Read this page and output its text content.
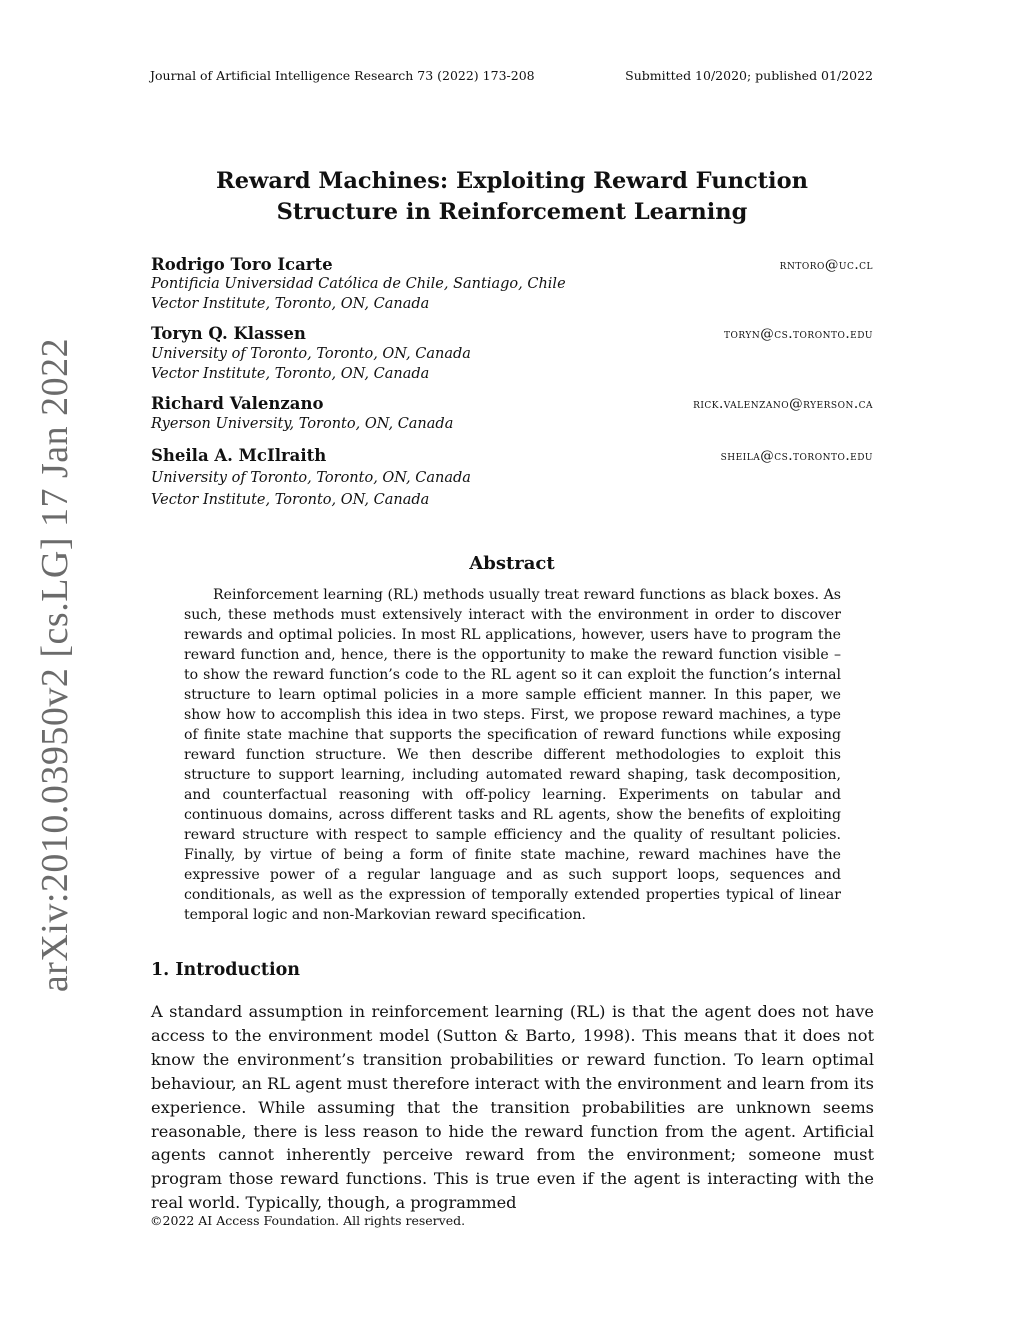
arXiv:2010.03950v2 [cs.LG] 17 Jan 2022
Journal of Artificial Intelligence Research 73 (2022) 173-208	Submitted 10/2020; published 01/2022
Reward Machines: Exploiting Reward Function
Structure in Reinforcement Learning
Rodrigo Toro Icarte	rntoro@uc.cl
Pontificia Universidad Católica de Chile, Santiago, Chile
Vector Institute, Toronto, ON, Canada
Toryn Q. Klassen	toryn@cs.toronto.edu
University of Toronto, Toronto, ON, Canada
Vector Institute, Toronto, ON, Canada
Richard Valenzano	rick.valenzano@ryerson.ca
Ryerson University, Toronto, ON, Canada
Sheila A. McIlraith	sheila@cs.toronto.edu
University of Toronto, Toronto, ON, Canada
Vector Institute, Toronto, ON, Canada
Abstract

Reinforcement learning (RL) methods usually treat reward functions as black boxes. As such, these methods must extensively interact with the environment in order to discover rewards and optimal policies. In most RL applications, however, users have to program the reward function and, hence, there is the opportunity to make the reward function visible – to show the reward function’s code to the RL agent so it can exploit the function’s internal structure to learn optimal policies in a more sample efficient manner. In this paper, we show how to accomplish this idea in two steps. First, we propose reward machines, a type of finite state machine that supports the specification of reward functions while exposing reward function structure. We then describe different methodologies to exploit this structure to support learning, including automated reward shaping, task decomposition, and counterfactual reasoning with off-policy learning. Experiments on tabular and continuous domains, across different tasks and RL agents, show the benefits of exploiting reward structure with respect to sample efficiency and the quality of resultant policies. Finally, by virtue of being a form of finite state machine, reward machines have the expressive power of a regular language and as such support loops, sequences and conditionals, as well as the expression of temporally extended properties typical of linear temporal logic and non-Markovian reward specification.

1. Introduction

A standard assumption in reinforcement learning (RL) is that the agent does not have access to the environment model (Sutton & Barto, 1998). This means that it does not know the environment’s transition probabilities or reward function. To learn optimal behaviour, an RL agent must therefore interact with the environment and learn from its experience. While assuming that the transition probabilities are unknown seems reasonable, there is less reason to hide the reward function from the agent. Artificial agents cannot inherently perceive reward from the environment; someone must program those reward functions. This is true even if the agent is interacting with the real world. Typically, though, a programmed

©2022 AI Access Foundation. All rights reserved.
